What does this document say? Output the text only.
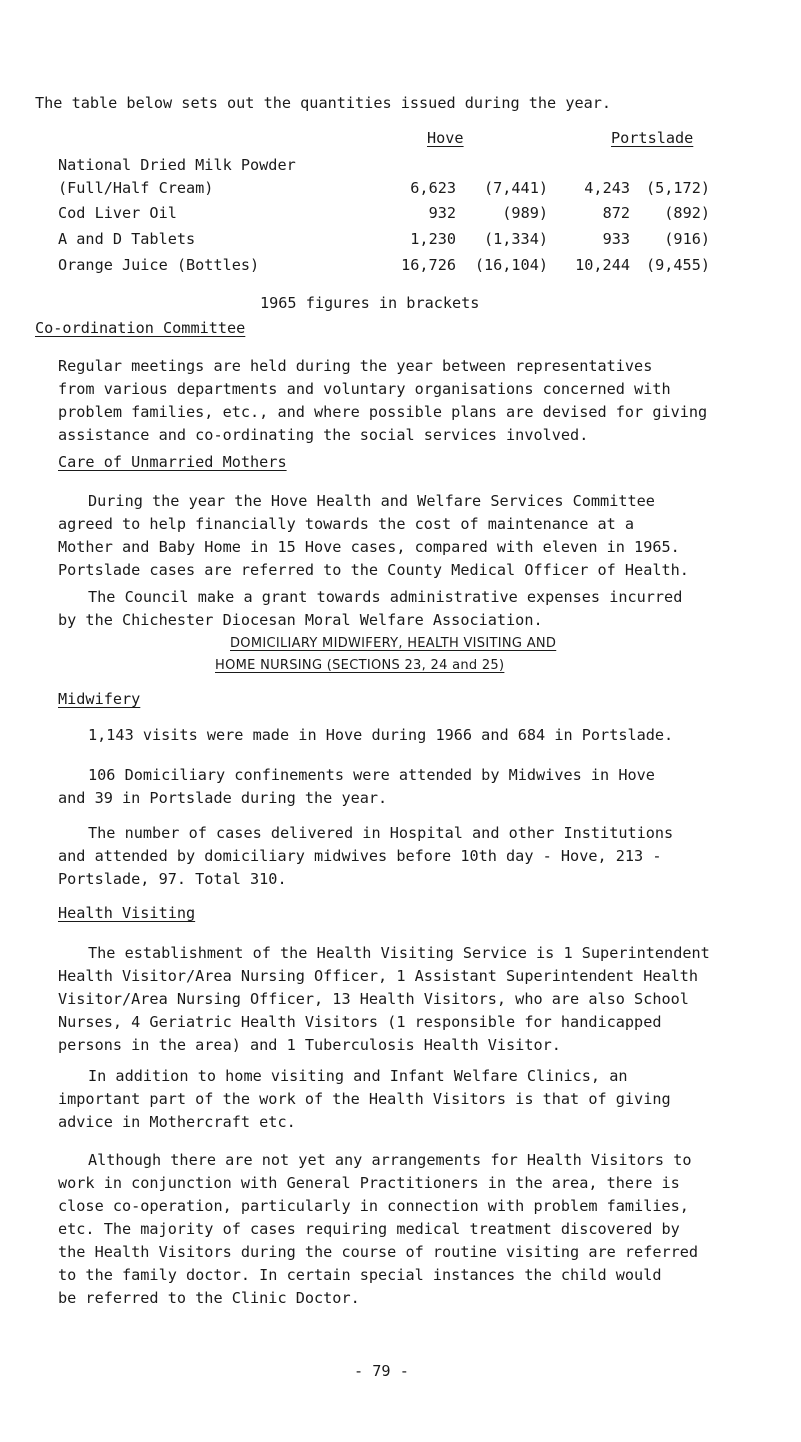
The table below sets out the quantities issued during the year.
Hove	Portslade
National Dried Milk Powder
(Full/Half Cream)	6,623	(7,441)	4,243	(5,172)
Cod Liver Oil	932	(989)	872	(892)
A and D Tablets	1,230	(1,334)	933	(916)
Orange Juice (Bottles)	16,726	(16,104)	10,244	(9,455)
1965 figures in brackets
Co-ordination Committee
Regular meetings are held during the year between representatives
from various departments and voluntary organisations concerned with
problem families, etc., and where possible plans are devised for giving
assistance and co-ordinating the social services involved.
Care of Unmarried Mothers
During the year the Hove Health and Welfare Services Committee
agreed to help financially towards the cost of maintenance at a
Mother and Baby Home in 15 Hove cases, compared with eleven in 1965.
Portslade cases are referred to the County Medical Officer of Health.
The Council make a grant towards administrative expenses incurred
by the Chichester Diocesan Moral Welfare Association.
DOMICILIARY MIDWIFERY, HEALTH VISITING AND
HOME NURSING (SECTIONS 23, 24 and 25)
Midwifery
1,143 visits were made in Hove during 1966 and 684 in Portslade.
106 Domiciliary confinements were attended by Midwives in Hove
and 39 in Portslade during the year.
The number of cases delivered in Hospital and other Institutions
and attended by domiciliary midwives before 10th day - Hove, 213 -
Portslade, 97. Total 310.
Health Visiting
The establishment of the Health Visiting Service is 1 Superintendent
Health Visitor/Area Nursing Officer, 1 Assistant Superintendent Health
Visitor/Area Nursing Officer, 13 Health Visitors, who are also School
Nurses, 4 Geriatric Health Visitors (1 responsible for handicapped
persons in the area) and 1 Tuberculosis Health Visitor.
In addition to home visiting and Infant Welfare Clinics, an
important part of the work of the Health Visitors is that of giving
advice in Mothercraft etc.
Although there are not yet any arrangements for Health Visitors to
work in conjunction with General Practitioners in the area, there is
close co-operation, particularly in connection with problem families,
etc. The majority of cases requiring medical treatment discovered by
the Health Visitors during the course of routine visiting are referred
to the family doctor. In certain special instances the child would
be referred to the Clinic Doctor.
- 79 -
